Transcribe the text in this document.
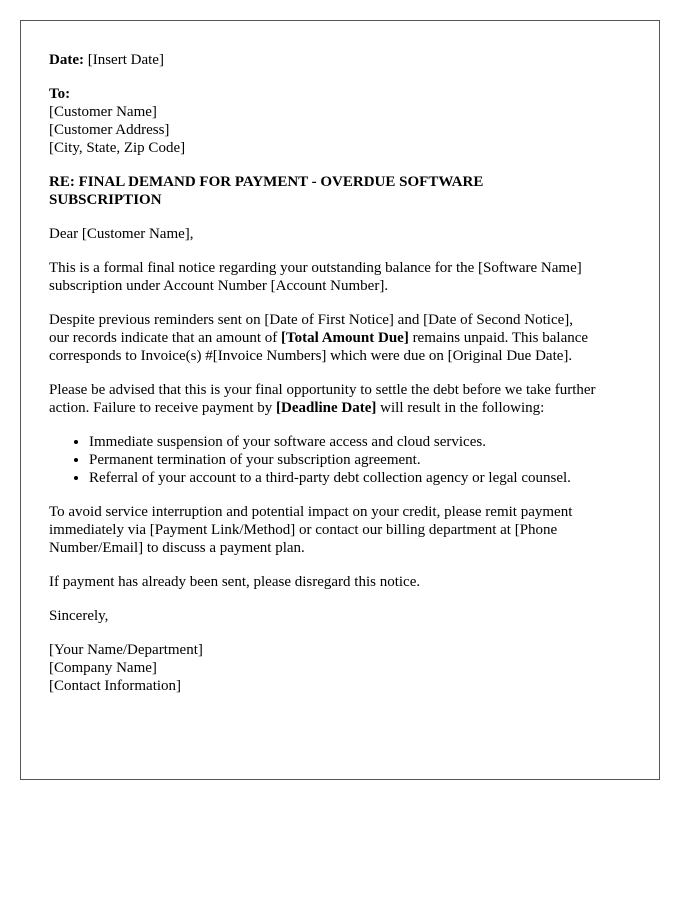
Date: [Insert Date]
To:
[Customer Name]
[Customer Address]
[City, State, Zip Code]
RE: FINAL DEMAND FOR PAYMENT - OVERDUE SOFTWARE
SUBSCRIPTION

Dear [Customer Name],

This is a formal final notice regarding your outstanding balance for the [Software Name]
subscription under Account Number [Account Number].

Despite previous reminders sent on [Date of First Notice] and [Date of Second Notice],
our records indicate that an amount of [Total Amount Due] remains unpaid. This balance
corresponds to Invoice(s) #[Invoice Numbers] which were due on [Original Due Date].

Please be advised that this is your final opportunity to settle the debt before we take further
action. Failure to receive payment by [Deadline Date] will result in the following:

• Immediate suspension of your software access and cloud services.
• Permanent termination of your subscription agreement.
• Referral of your account to a third-party debt collection agency or legal counsel.

To avoid service interruption and potential impact on your credit, please remit payment
immediately via [Payment Link/Method] or contact our billing department at [Phone
Number/Email] to discuss a payment plan.

If payment has already been sent, please disregard this notice.

Sincerely,

[Your Name/Department]
[Company Name]
[Contact Information]
